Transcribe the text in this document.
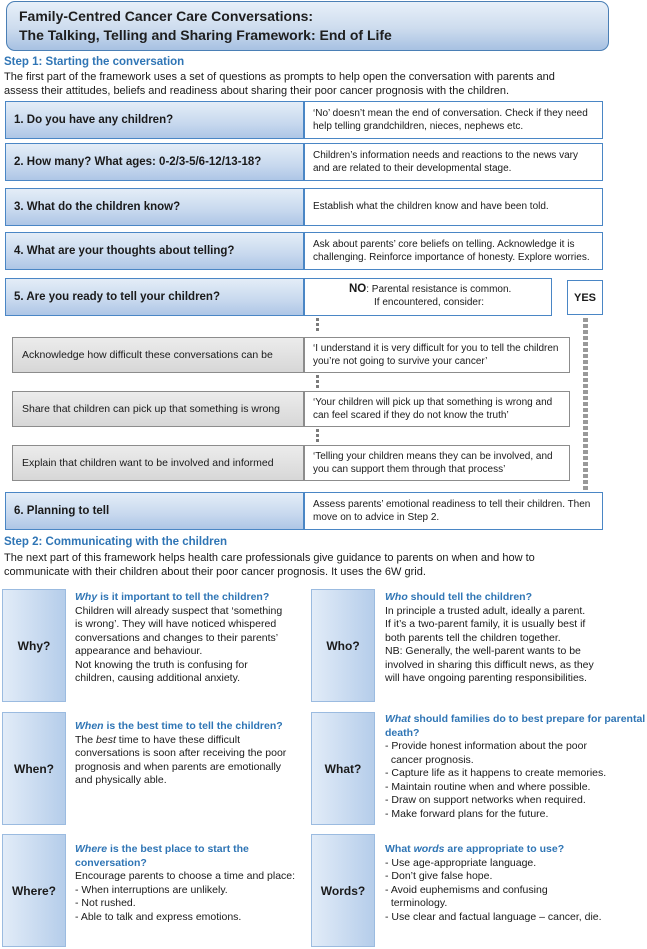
Family-Centred Cancer Care Conversations:
The Talking, Telling and Sharing Framework: End of Life
Step 1: Starting the conversation
The first part of the framework uses a set of questions as prompts to help open the conversation with parents and
assess their attitudes, beliefs and readiness about sharing their poor cancer prognosis with the children.
1. Do you have any children?
‘No’ doesn’t mean the end of conversation. Check if they need help telling grandchildren, nieces, nephews etc.
2. How many? What ages: 0-2/3-5/6-12/13-18?
Children’s information needs and reactions to the news vary and are related to their developmental stage.
3. What do the children know?	Establish what the children know and have been told.
4. What are your thoughts about telling?
Ask about parents’ core beliefs on telling. Acknowledge it is challenging. Reinforce importance of honesty. Explore worries.
5. Are you ready to tell your children?
NO: Parental resistance is common.
If encountered, consider:	YES
Acknowledge how difficult these conversations can be
‘I understand it is very difficult for you to tell the children you’re not going to survive your cancer’
Share that children can pick up that something is wrong
‘Your children will pick up that something is wrong and can feel scared if they do not know the truth’
Explain that children want to be involved and informed
‘Telling your children means they can be involved, and you can support them through that process’
6. Planning to tell
Assess parents’ emotional readiness to tell their children. Then move on to advice in Step 2.
Step 2: Communicating with the children
The next part of this framework helps health care professionals give guidance to parents on when and how to
communicate with their children about their poor cancer prognosis. It uses the 6W grid.
Why?
Why is it important to tell the children?
Children will already suspect that ‘something
is wrong’. They will have noticed whispered
conversations and changes to their parents’
appearance and behaviour.
Not knowing the truth is confusing for
children, causing additional anxiety.
Who?
Who should tell the children?
In principle a trusted adult, ideally a parent.
If it’s a two-parent family, it is usually best if
both parents tell the children together.
NB: Generally, the well-parent wants to be
involved in sharing this difficult news, as they
will have ongoing parenting responsibilities.
When?
When is the best time to tell the children?
The best time to have these difficult
conversations is soon after receiving the poor
prognosis and when parents are emotionally
and physically able.
What?
What should families do to best prepare for parental
death?
- Provide honest information about the poor
cancer prognosis.
- Capture life as it happens to create memories.
- Maintain routine when and where possible.
- Draw on support networks when required.
- Make forward plans for the future.
Where?
Where is the best place to start the
conversation?
Encourage parents to choose a time and place:
- When interruptions are unlikely.
- Not rushed.
- Able to talk and express emotions.
Words?
What words are appropriate to use?
- Use age-appropriate language.
- Don’t give false hope.
- Avoid euphemisms and confusing
terminology.
- Use clear and factual language – cancer, die.
